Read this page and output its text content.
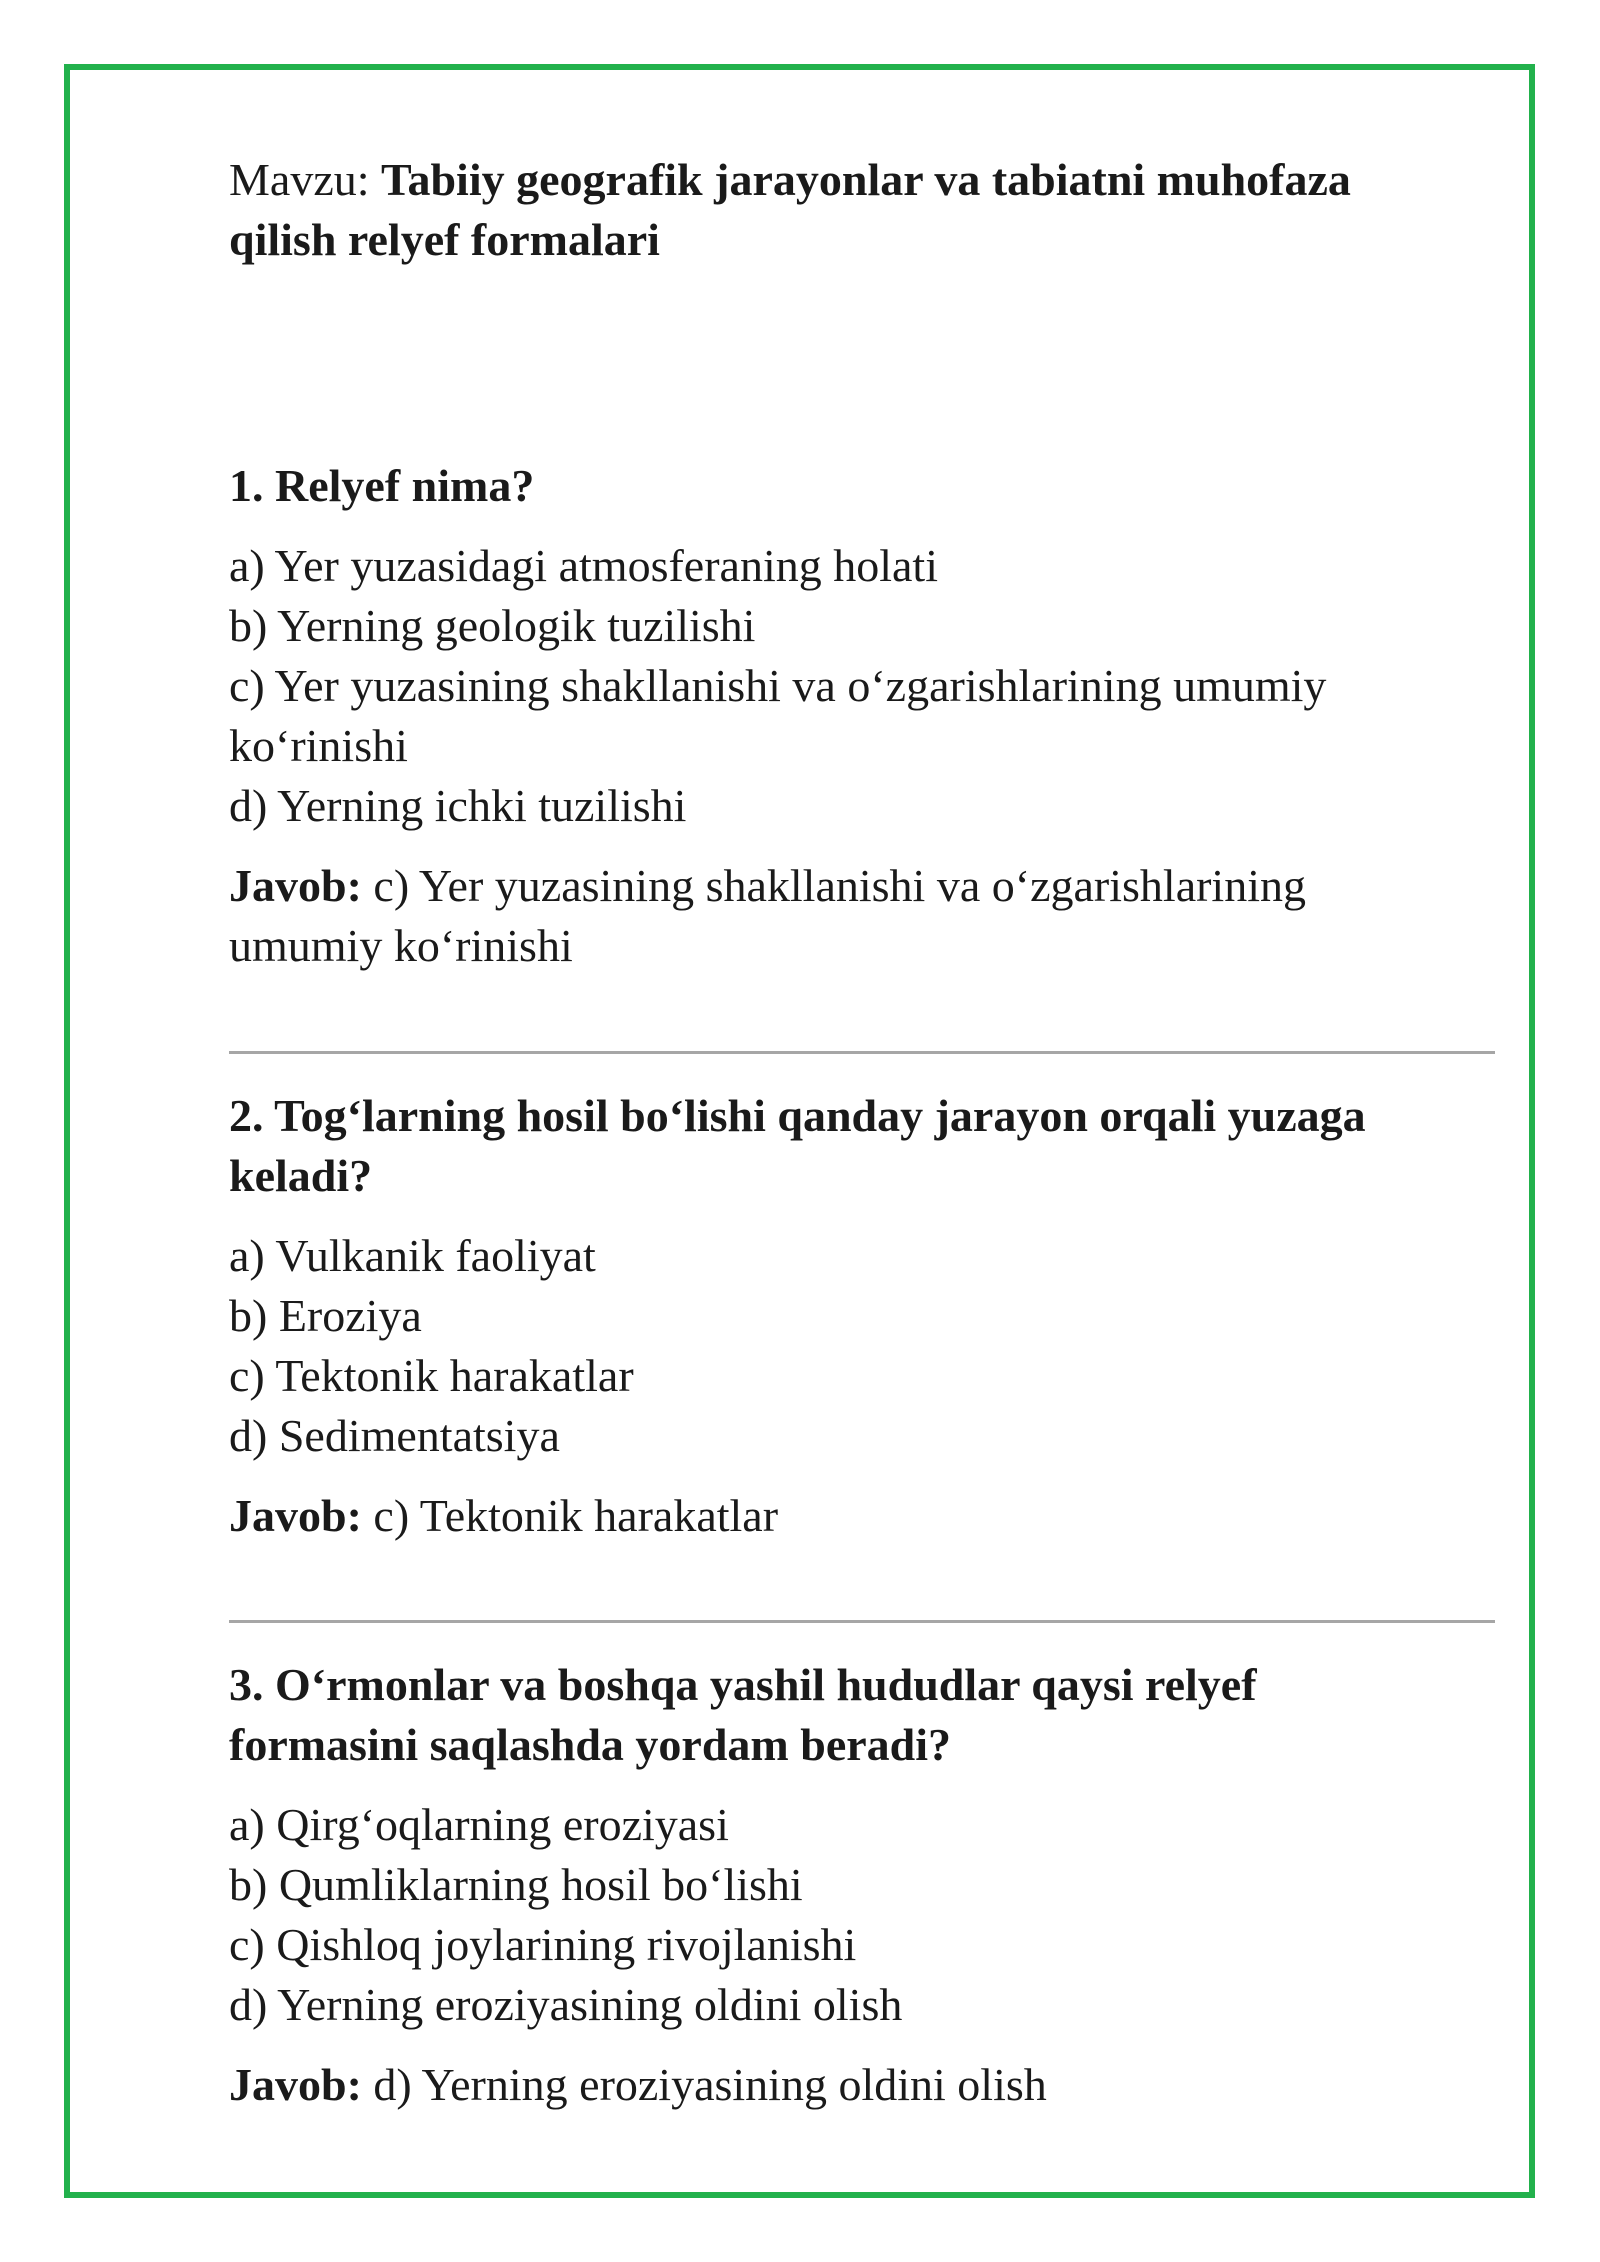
Mavzu: Tabiiy geografik jarayonlar va tabiatni muhofaza qilish relyef formalari

1. Relyef nima?

a) Yer yuzasidagi atmosferaning holati
b) Yerning geologik tuzilishi
c) Yer yuzasining shakllanishi va o‘zgarishlarining umumiy ko‘rinishi
d) Yerning ichki tuzilishi

Javob: c) Yer yuzasining shakllanishi va o‘zgarishlarining umumiy ko‘rinishi

2. Tog‘larning hosil bo‘lishi qanday jarayon orqali yuzaga keladi?

a) Vulkanik faoliyat
b) Eroziya
c) Tektonik harakatlar
d) Sedimentatsiya

Javob: c) Tektonik harakatlar

3. O‘rmonlar va boshqa yashil hududlar qaysi relyef formasini saqlashda yordam beradi?

a) Qirg‘oqlarning eroziyasi
b) Qumliklarning hosil bo‘lishi
c) Qishloq joylarining rivojlanishi
d) Yerning eroziyasining oldini olish

Javob: d) Yerning eroziyasining oldini olish
